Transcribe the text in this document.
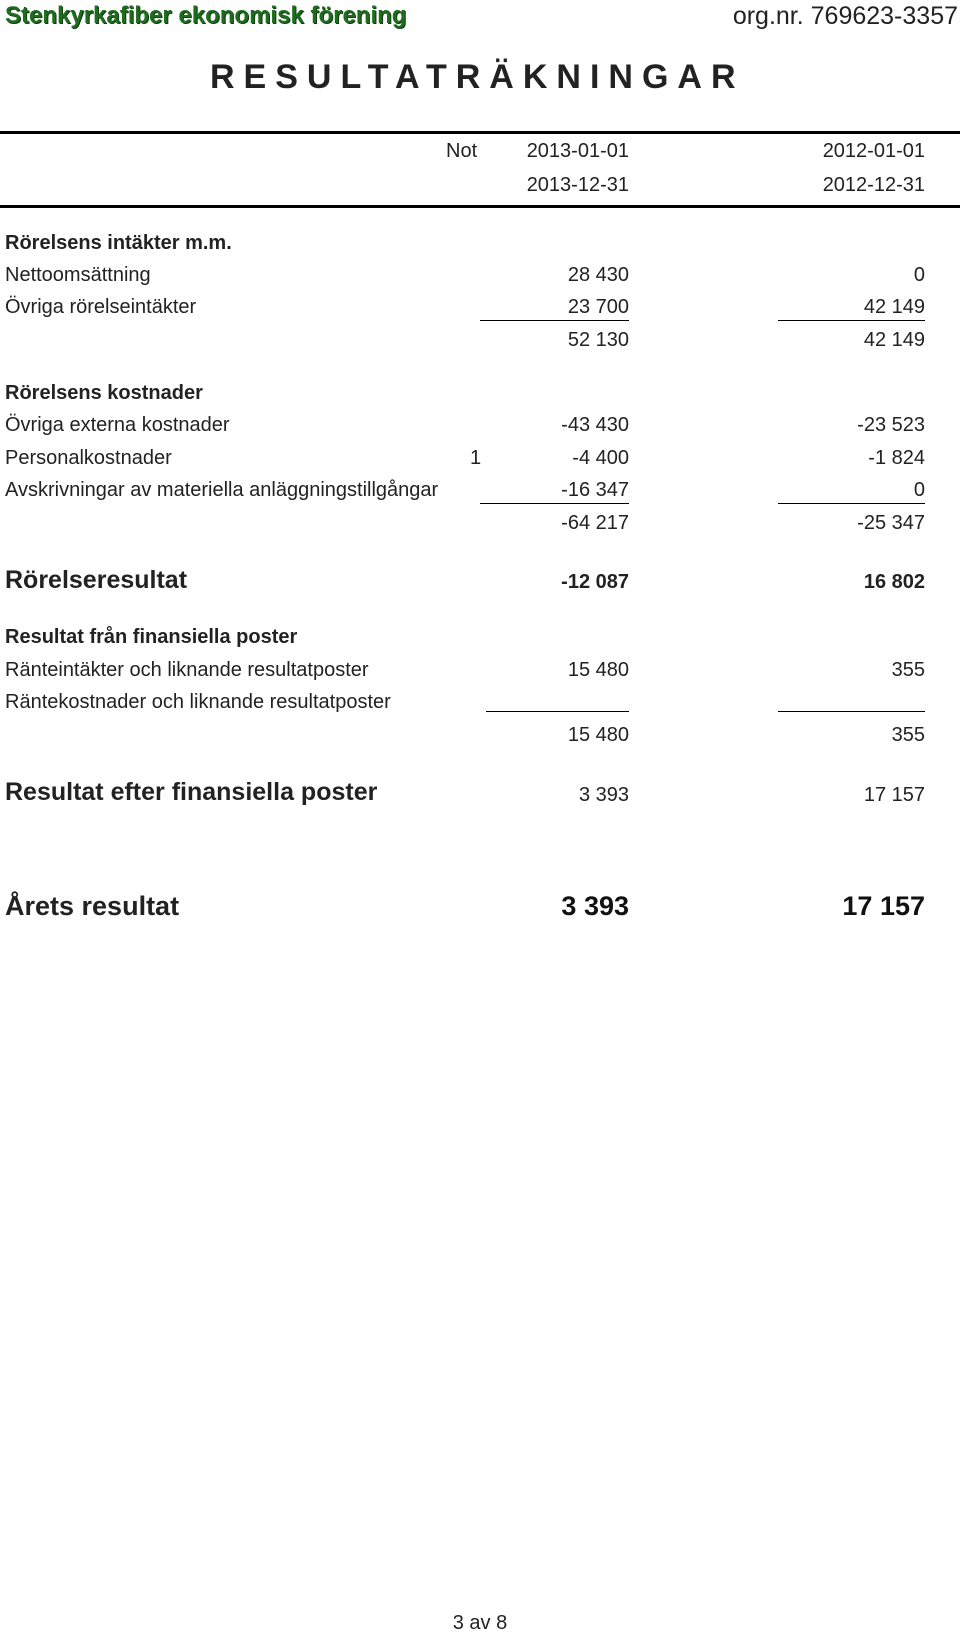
Stenkyrkafiber ekonomisk förening	org.nr. 769623-3357
RESULTATRÄKNINGAR
Not 2013-01-01	2012-01-01
2013-12-31	2012-12-31
Rörelsens intäkter m.m.
Nettoomsättning	28 430	0
Övriga rörelseintäkter	23 700	42 149
52 130	42 149
Rörelsens kostnader
Övriga externa kostnader	-43 430	-23 523
Personalkostnader	1	-4 400	-1 824
Avskrivningar av materiella anläggningstillgångar	-16 347	0
-64 217	-25 347
Rörelseresultat	-12 087	16 802
Resultat från finansiella poster
Ränteintäkter och liknande resultatposter	15 480	355
Räntekostnader och liknande resultatposter
15 480	355
Resultat efter finansiella poster	3 393	17 157
Årets resultat	3 393	17 157
3 av 8
